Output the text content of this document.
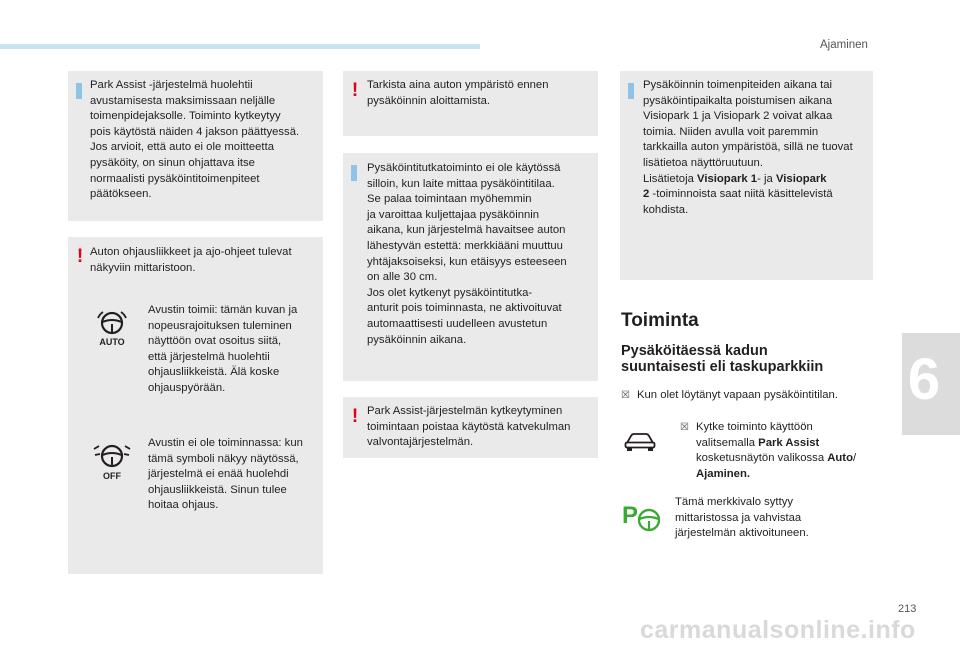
Ajaminen

Park Assist -järjestelmä huolehtii

avustamisesta maksimissaan neljälle

toimenpidejaksolle. Toiminto kytkeytyy

pois käytöstä näiden 4 jakson päättyessä.

Jos arvioit, että auto ei ole moitteetta

pysäköity, on sinun ohjattava itse

normaalisti pysäköintitoimenpiteet

päätökseen.

! Auton ohjausliikkeet ja ajo-ohjeet tulevat

näkyviin mittaristoon.

AUTO

Avustin toimii: tämän kuvan ja

nopeusrajoituksen tuleminen

näyttöön ovat osoitus siitä,

että järjestelmä huolehtii

ohjausliikkeistä. Älä koske

ohjauspyörään.

OFF

Avustin ei ole toiminnassa: kun

tämä symboli näkyy näytössä,

järjestelmä ei enää huolehdi

ohjausliikkeistä. Sinun tulee

hoitaa ohjaus.

! Tarkista aina auton ympäristö ennen

pysäköinnin aloittamista.

Pysäköintitutkatoiminto ei ole käytössä

silloin, kun laite mittaa pysäköintitilaa.

Se palaa toimintaan myöhemmin

ja varoittaa kuljettajaa pysäköinnin

aikana, kun järjestelmä havaitsee auton

lähestyvän estettä: merkkiääni muuttuu

yhtäjaksoiseksi, kun etäisyys esteeseen

on alle 30 cm.

Jos olet kytkenyt pysäköintitutka-

anturit pois toiminnasta, ne aktivoituvat

automaattisesti uudelleen avustetun

pysäköinnin aikana.

! Park Assist-järjestelmän kytkeytyminen

toimintaan poistaa käytöstä katvekulman

valvontajärjestelmän.

Pysäköinnin toimenpiteiden aikana tai

pysäköintipaikalta poistumisen aikana

Visiopark 1 ja Visiopark 2 voivat alkaa

toimia. Niiden avulla voit paremmin

tarkkailla auton ympäristöä, sillä ne tuovat

lisätietoa näyttöruutuun.

Lisätietoja Visiopark 1- ja Visiopark

2 -toiminnoista saat niitä käsittelevistä

kohdista.

Toiminta
Pysäköitäessä kadun
suuntaisesti eli taskuparkkiin
☒ Kun olet löytänyt vapaan pysäköintitilan.
☒ Kytke toiminto käyttöön
valitsemalla Park Assist
kosketusnäytön valikossa Auto/
Ajaminen.
P	Tämä merkkivalo syttyy
mittaristossa ja vahvistaa
järjestelmän aktivoituneen.
6
213
carmanualsonline.info
